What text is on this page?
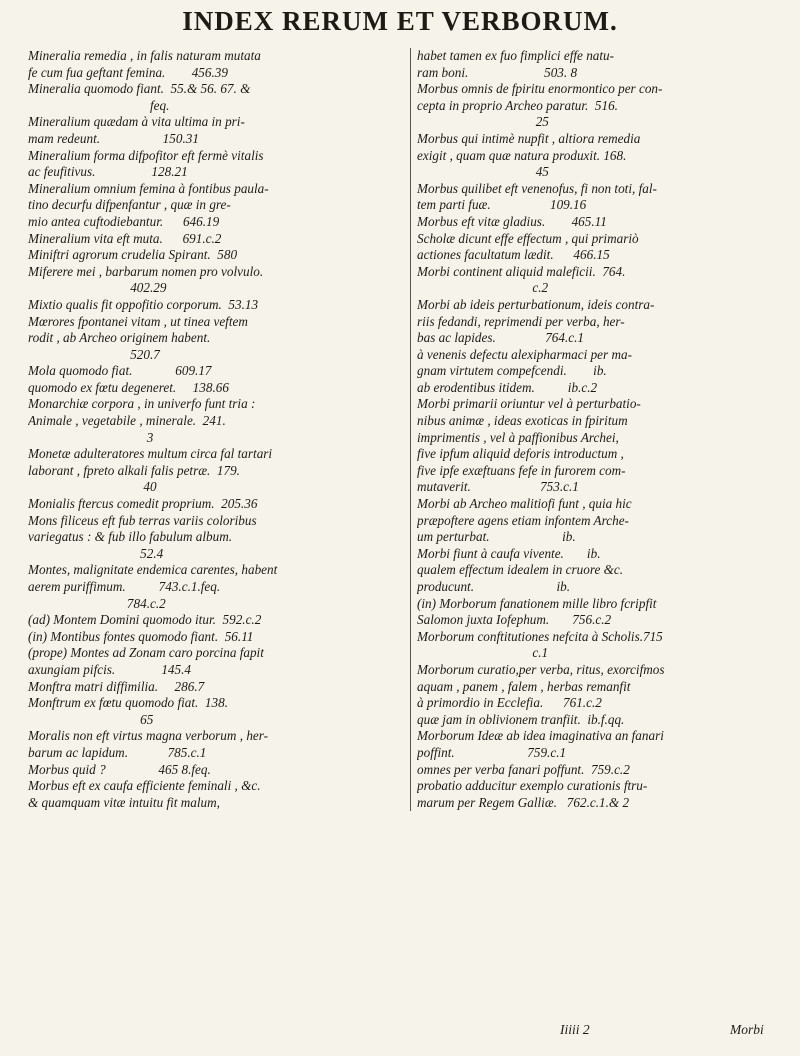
INDEX RERUM ET VERBORUM.
Mineralia remedia , in falis naturam mutata
fe cum fua geftant femina.        456.39
Mineralia quomodo fiant.  55.& 56. 67. &
feq.
Mineralium quædam à vita ultima in pri-
mam redeunt.                   150.31
Mineralium forma difpofitor eft fermè vitalis
ac feufitivus.                 128.21
Mineralium omnium femina à fontibus paula-
tino decurfu difpenfantur , quæ in gre-
mio antea cuftodiebantur.      646.19
Mineralium vita eft muta.      691.c.2
Miniftri agrorum crudelia Spirant.  580
Miferere mei , barbarum nomen pro volvulo.
402.29
Mixtio qualis fit oppofitio corporum.  53.13
Mœrores fpontanei vitam , ut tinea veftem
rodit , ab Archeo originem habent.
520.7
Mola quomodo fiat.             609.17
quomodo ex fœtu degeneret.     138.66
Monarchiæ corpora , in univerfo funt tria :
Animale , vegetabile , minerale.  241.
3
Monetæ adulteratores multum circa fal tartari
laborant , fpreto alkali falis petræ.  179.
40
Monialis ftercus comedit proprium.  205.36
Mons filiceus eft fub terras variis coloribus
variegatus : & fub illo fabulum album.
52.4
Montes, malignitate endemica carentes, habent
aerem puriffimum.          743.c.1.feq.
784.c.2
(ad) Montem Domini quomodo itur.  592.c.2
(in) Montibus fontes quomodo fiant.  56.11
(prope) Montes ad Zonam caro porcina fapit
axungiam pifcis.              145.4
Monftra matri diffimilia.     286.7
Monftrum ex fœtu quomodo fiat.  138.
65
Moralis non eft virtus magna verborum , her-
barum ac lapidum.            785.c.1
Morbus quid ?                465 8.feq.
Morbus eft ex caufa efficiente feminali , &c.
& quamquam vitæ intuitu fit malum,
habet tamen ex fuo fimplici effe natu-
ram boni.                       503. 8
Morbus omnis de fpiritu enormontico per con-
cepta in proprio Archeo paratur.  516.
25
Morbus qui intimè nupfit , altiora remedia
exigit , quam quæ natura produxit. 168.
45
Morbus quilibet eft venenofus, fi non toti, fal-
tem parti fuæ.                  109.16
Morbus eft vitæ gladius.        465.11
Scholæ dicunt effe effectum , qui primariò
actiones facultatum lædit.      466.15
Morbi continent aliquid maleficii.  764.
c.2
Morbi ab ideis perturbationum, ideis contra-
riis fedandi, reprimendi per verba, her-
bas ac lapides.               764.c.1
à venenis defectu alexipharmaci per ma-
gnam virtutem compefcendi.        ib.
ab erodentibus itidem.          ib.c.2
Morbi primarii oriuntur vel à perturbatio-
nibus animæ , ideas exoticas in fpiritum
imprimentis , vel à paffionibus Archei,
five ipfum aliquid deforis introductum ,
five ipfe exæftuans fefe in furorem com-
mutaverit.                     753.c.1
Morbi ab Archeo malitiofi funt , quia hic
præpoftere agens etiam infontem Arche-
um perturbat.                      ib.
Morbi fiunt à caufa vivente.       ib.
qualem effectum idealem in cruore &c.
producunt.                         ib.
(in) Morborum fanationem mille libro fcripfit
Salomon juxta Iofephum.       756.c.2
Morborum conftitutiones nefcita à Scholis.715
c.1
Morborum curatio,per verba, ritus, exorcifmos
aquam , panem , falem , herbas remanfit
à primordio in Ecclefia.      761.c.2
quæ jam in oblivionem tranfiit.  ib.f.qq.
Morborum Ideæ ab idea imaginativa an fanari
poffint.                      759.c.1
omnes per verba fanari poffunt.  759.c.2
probatio adducitur exemplo curationis ftru-
marum per Regem Galliæ.   762.c.1.& 2
Iiiii 2	Morbi
